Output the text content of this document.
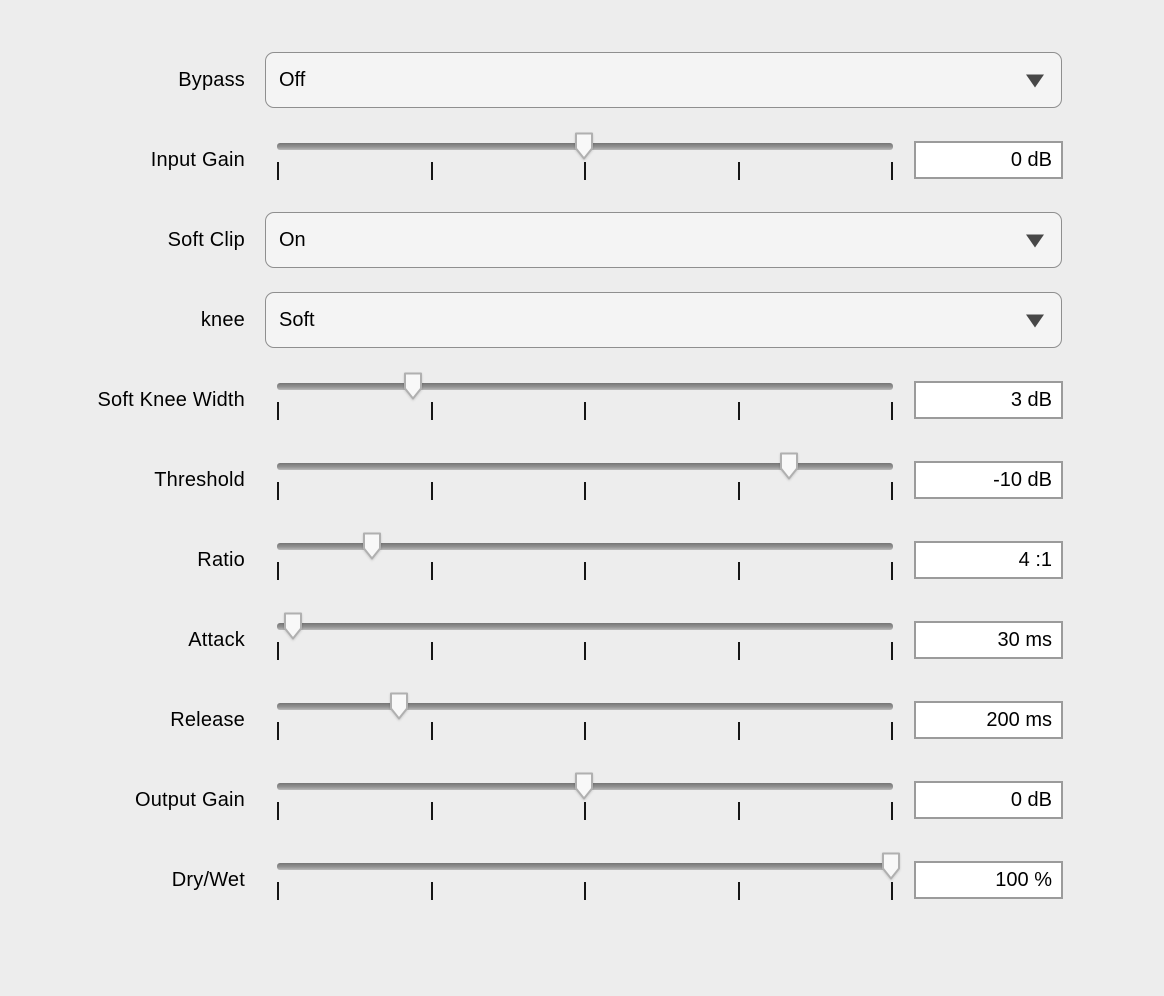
Bypass Off
Input Gain	0 dB
Soft Clip On
knee Soft
Soft Knee Width	3 dB
Threshold	-10 dB
Ratio	4 :1
Attack	30 ms
Release	200 ms
Output Gain	0 dB
Dry/Wet	100 %
